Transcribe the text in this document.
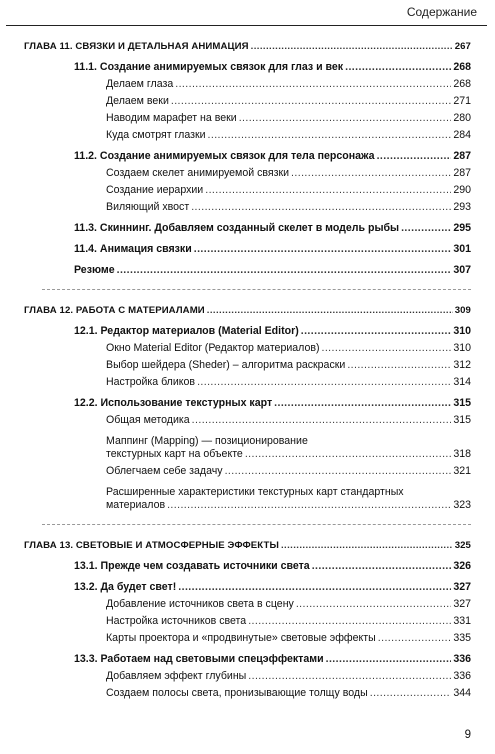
Содержание
ГЛАВА 11. СВЯЗКИ И ДЕТАЛЬНАЯ АНИМАЦИЯ .....	267
11.1. Создание анимируемых связок для глаз и век .....	268
Делаем глаза .....	268
Делаем веки .....	271
Наводим марафет на веки .....	280
Куда смотрят глазки .....	284
11.2. Создание анимируемых связок для тела персонажа .....	287
Создаем скелет анимируемой связки .....	287
Создание иерархии .....	290
Виляющий хвост .....	293
11.3. Скиннинг. Добавляем созданный скелет в модель рыбы .....	295
11.4. Анимация связки .....	301
Резюме .....	307
ГЛАВА 12. РАБОТА С МАТЕРИАЛАМИ .....	309
12.1. Редактор материалов (Material Editor) .....	310
Окно Material Editor (Редактор материалов) .....	310
Выбор шейдера (Sheder) – алгоритма раскраски .....	312
Настройка бликов .....	314
12.2. Использование текстурных карт .....	315
Общая методика .....	315
Маппинг (Mapping) — позиционирование
текстурных карт на объекте .....	318
Облегчаем себе задачу .....	321
Расширенные характеристики текстурных карт стандартных
материалов .....	323
ГЛАВА 13. СВЕТОВЫЕ И АТМОСФЕРНЫЕ ЭФФЕКТЫ .....	325
13.1. Прежде чем создавать источники света .....	326
13.2. Да будет свет! .....	327
Добавление источников света в сцену .....	327
Настройка источников света .....	331
Карты проектора и «продвинутые» световые эффекты .....	335
13.3. Работаем над световыми спецэффектами .....	336
Добавляем эффект глубины .....	336
Создаем полосы света, пронизывающие толщу воды .....	344
9
